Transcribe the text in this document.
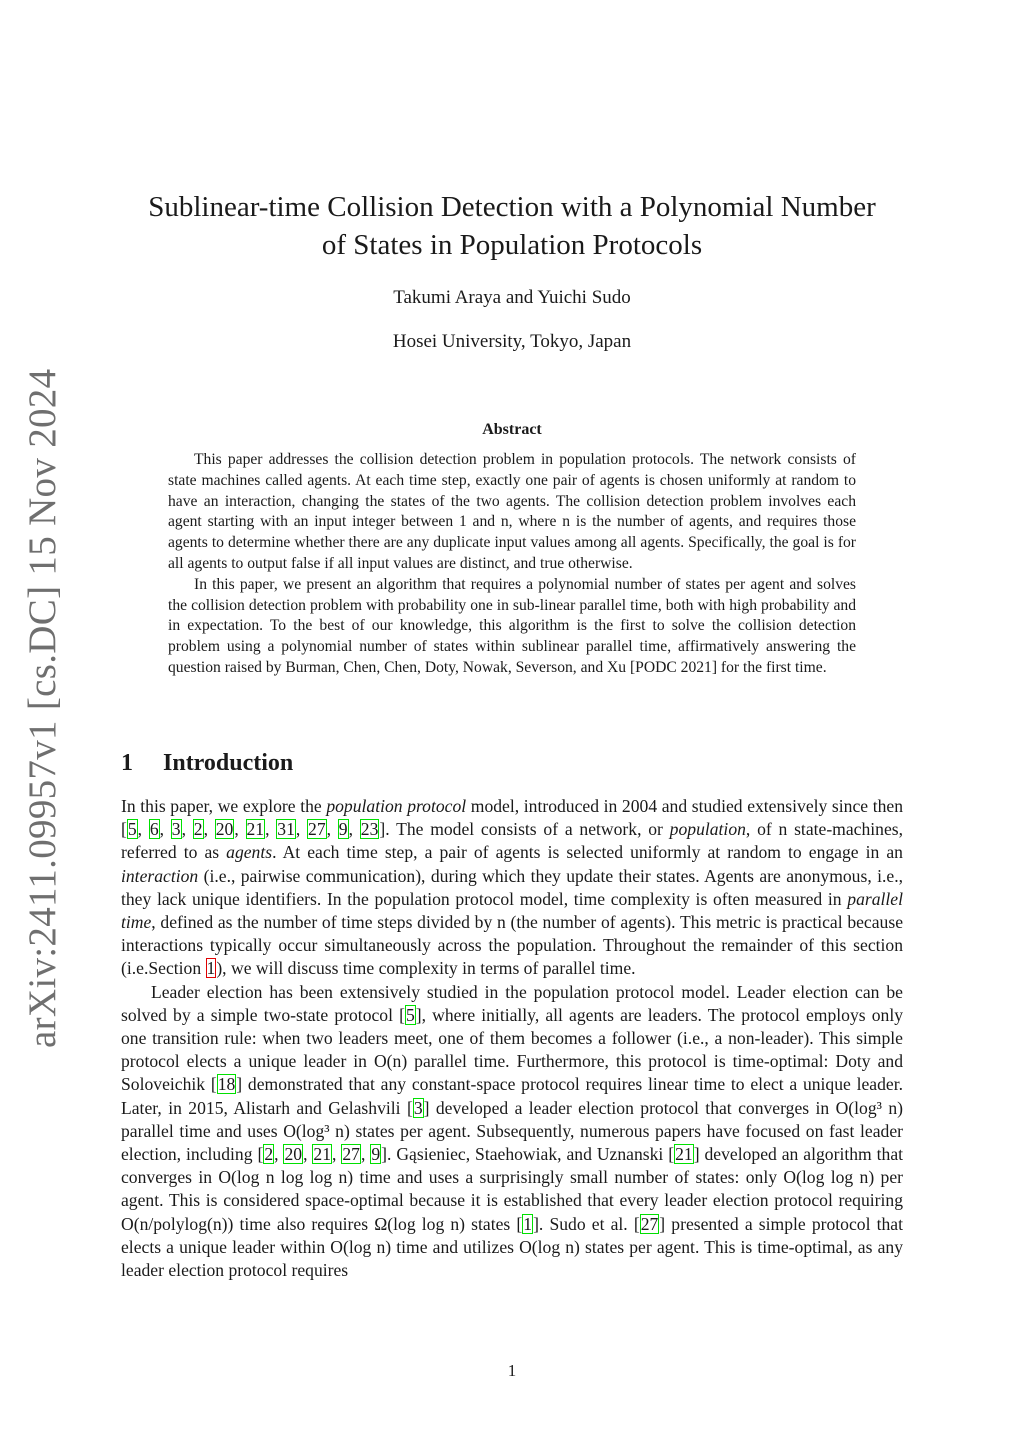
arXiv:2411.09957v1 [cs.DC] 15 Nov 2024
Sublinear-time Collision Detection with a Polynomial Number
of States in Population Protocols
Takumi Araya and Yuichi Sudo
Hosei University, Tokyo, Japan
Abstract

This paper addresses the collision detection problem in population protocols. The network consists of state machines called agents. At each time step, exactly one pair of agents is chosen uniformly at random to have an interaction, changing the states of the two agents. The collision detection problem involves each agent starting with an input integer between 1 and n, where n is the number of agents, and requires those agents to determine whether there are any duplicate input values among all agents. Specifically, the goal is for all agents to output false if all input values are distinct, and true otherwise.

In this paper, we present an algorithm that requires a polynomial number of states per agent and solves the collision detection problem with probability one in sub-linear parallel time, both with high probability and in expectation. To the best of our knowledge, this algorithm is the first to solve the collision detection problem using a polynomial number of states within sublinear parallel time, affirmatively answering the question raised by Burman, Chen, Chen, Doty, Nowak, Severson, and Xu [PODC 2021] for the first time.

1 Introduction

In this paper, we explore the population protocol model, introduced in 2004 and studied extensively since then [5, 6, 3, 2, 20, 21, 31, 27, 9, 23]. The model consists of a network, or population, of n state-machines, referred to as agents. At each time step, a pair of agents is selected uniformly at random to engage in an interaction (i.e., pairwise communication), during which they update their states. Agents are anonymous, i.e., they lack unique identifiers. In the population protocol model, time complexity is often measured in parallel time, defined as the number of time steps divided by n (the number of agents). This metric is practical because interactions typically occur simultaneously across the population. Throughout the remainder of this section (i.e.Section 1), we will discuss time complexity in terms of parallel time.

Leader election has been extensively studied in the population protocol model. Leader election can be solved by a simple two-state protocol [5], where initially, all agents are leaders. The protocol employs only one transition rule: when two leaders meet, one of them becomes a follower (i.e., a non-leader). This simple protocol elects a unique leader in O(n) parallel time. Furthermore, this protocol is time-optimal: Doty and Soloveichik [18] demonstrated that any constant-space protocol requires linear time to elect a unique leader. Later, in 2015, Alistarh and Gelashvili [3] developed a leader election protocol that converges in O(log³ n) parallel time and uses O(log³ n) states per agent. Subsequently, numerous papers have focused on fast leader election, including [2, 20, 21, 27, 9]. Gąsieniec, Staehowiak, and Uznanski [21] developed an algorithm that converges in O(log n log log n) time and uses a surprisingly small number of states: only O(log log n) per agent. This is considered space-optimal because it is established that every leader election protocol requiring O(n/polylog(n)) time also requires Ω(log log n) states [1]. Sudo et al. [27] presented a simple protocol that elects a unique leader within O(log n) time and utilizes O(log n) states per agent. This is time-optimal, as any leader election protocol requires

1
